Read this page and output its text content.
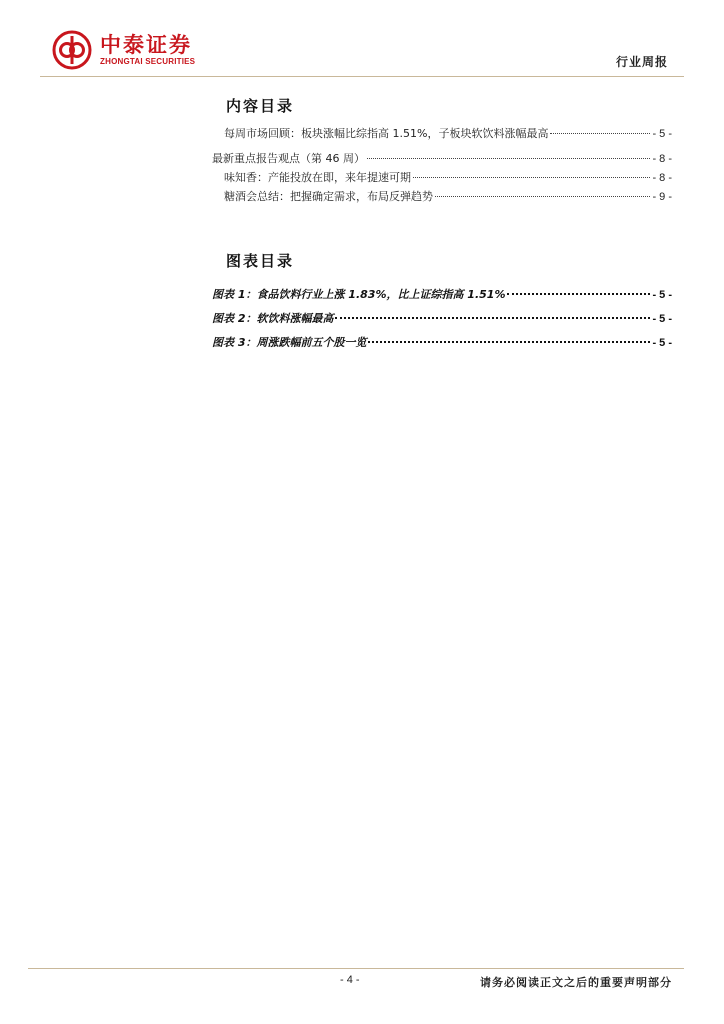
中泰证券
ZHONGTAI SECURITIES	行业周报
内容目录
每周市场回顾：板块涨幅比综指高 1.51%，子板块软饮料涨幅最高	- 5 -
最新重点报告观点（第 46 周）	- 8 -
味知香：产能投放在即，来年提速可期	- 8 -
糖酒会总结：把握确定需求，布局反弹趋势	- 9 -
图表目录
图表 1：食品饮料行业上涨 1.83%，比上证综指高 1.51%	- 5 -
图表 2：软饮料涨幅最高	- 5 -
图表 3：周涨跌幅前五个股一览	- 5 -
- 4 -	请务必阅读正文之后的重要声明部分
